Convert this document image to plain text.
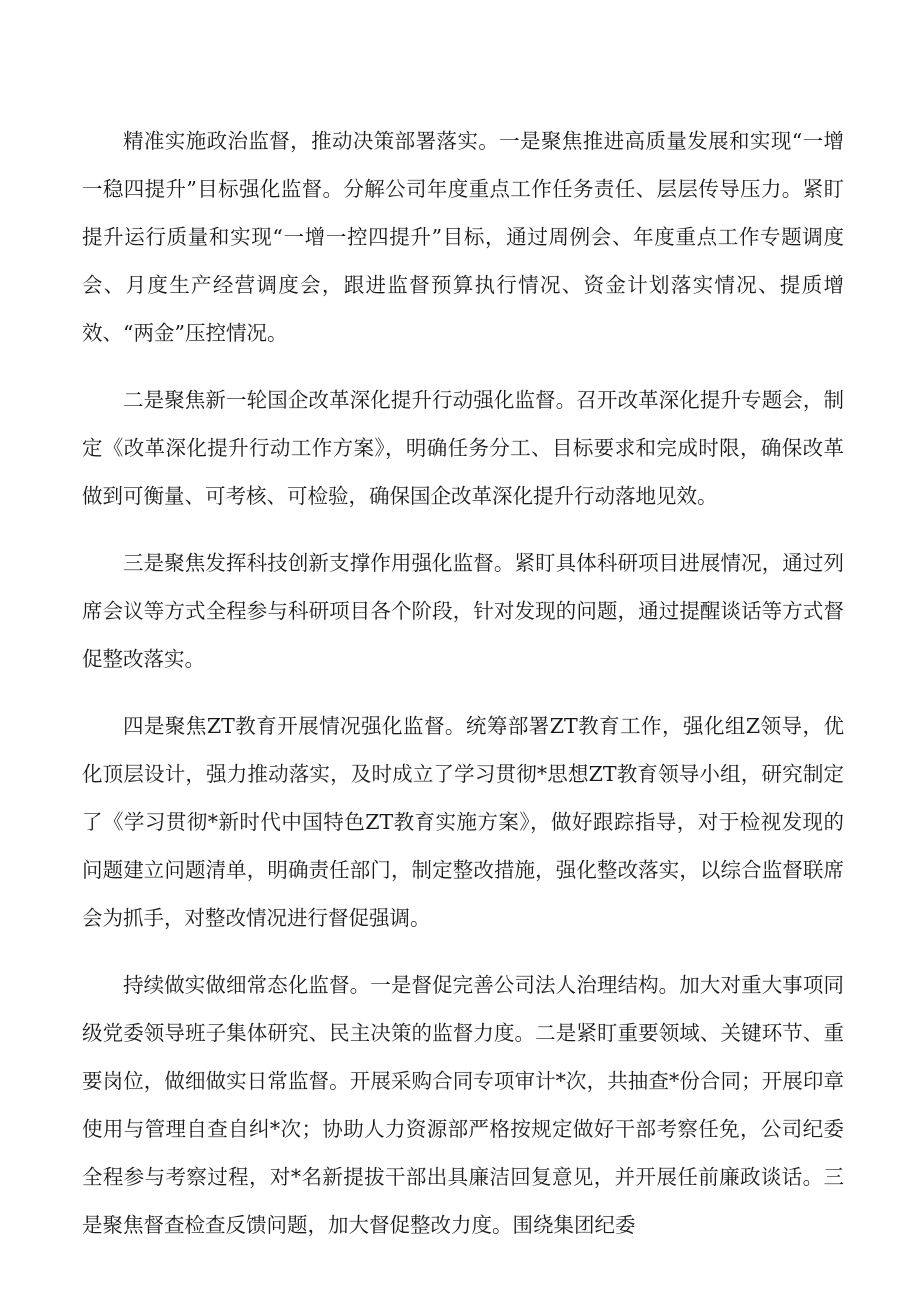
精准实施政治监督，推动决策部署落实。一是聚焦推进高质量发展和实现“一增一稳四提升”目标强化监督。分解公司年度重点工作任务责任、层层传导压力。紧盯提升运行质量和实现“一增一控四提升”目标，通过周例会、年度重点工作专题调度会、月度生产经营调度会，跟进监督预算执行情况、资金计划落实情况、提质增效、“两金”压控情况。

二是聚焦新一轮国企改革深化提升行动强化监督。召开改革深化提升专题会，制定《改革深化提升行动工作方案》，明确任务分工、目标要求和完成时限，确保改革做到可衡量、可考核、可检验，确保国企改革深化提升行动落地见效。

三是聚焦发挥科技创新支撑作用强化监督。紧盯具体科研项目进展情况，通过列席会议等方式全程参与科研项目各个阶段，针对发现的问题，通过提醒谈话等方式督促整改落实。

四是聚焦ZT教育开展情况强化监督。统筹部署ZT教育工作，强化组Z领导，优化顶层设计，强力推动落实，及时成立了学习贯彻*思想ZT教育领导小组，研究制定了《学习贯彻*新时代中国特色ZT教育实施方案》，做好跟踪指导，对于检视发现的问题建立问题清单，明确责任部门，制定整改措施，强化整改落实，以综合监督联席会为抓手，对整改情况进行督促强调。

持续做实做细常态化监督。一是督促完善公司法人治理结构。加大对重大事项同级党委领导班子集体研究、民主决策的监督力度。二是紧盯重要领域、关键环节、重要岗位，做细做实日常监督。开展采购合同专项审计*次，共抽查*份合同；开展印章使用与管理自查自纠*次；协助人力资源部严格按规定做好干部考察任免，公司纪委全程参与考察过程，对*名新提拔干部出具廉洁回复意见，并开展任前廉政谈话。三是聚焦督查检查反馈问题，加大督促整改力度。围绕集团纪委
